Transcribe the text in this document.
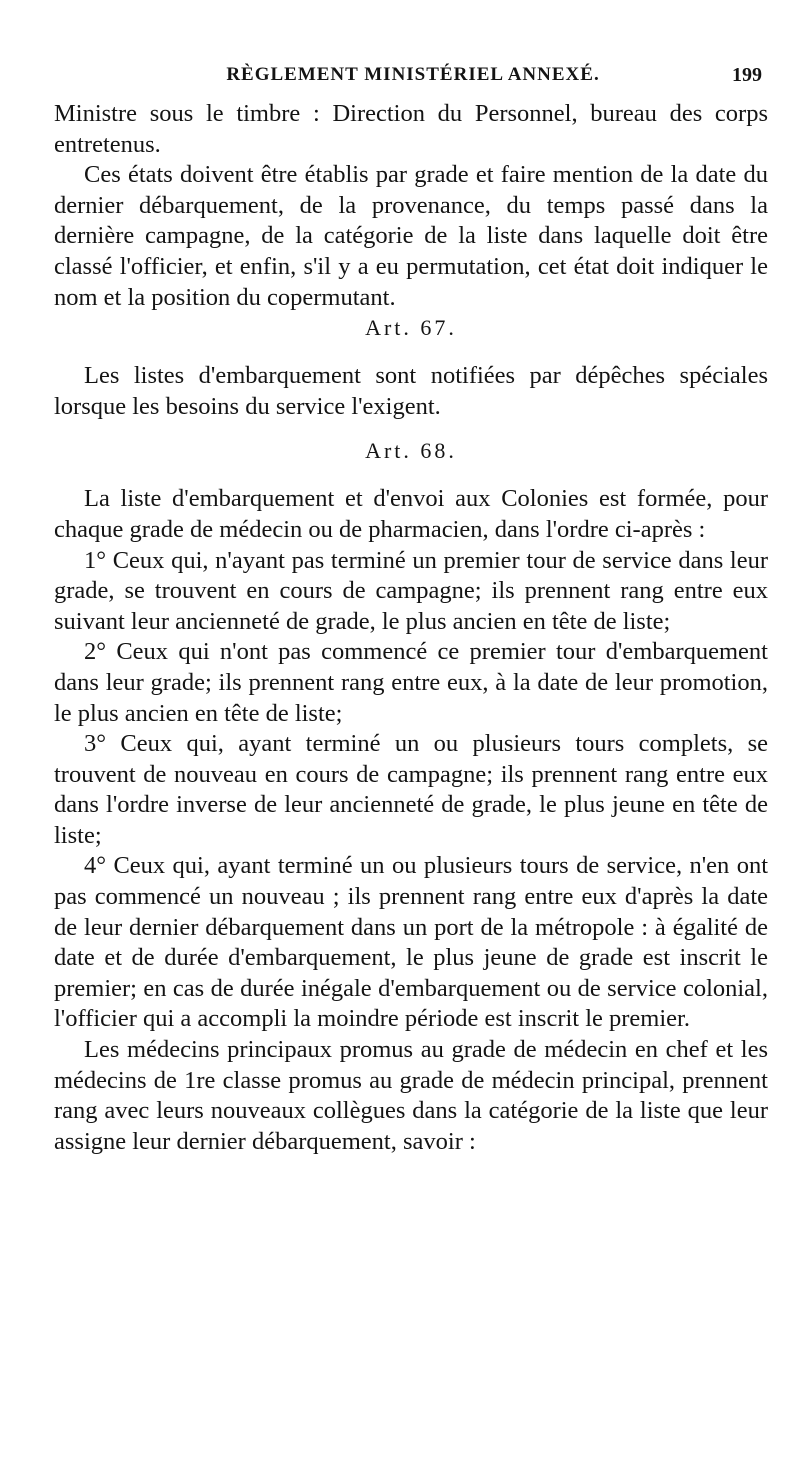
RÈGLEMENT MINISTÉRIEL ANNEXÉ.	199

Ministre sous le timbre : Direction du Personnel, bureau des corps entretenus.

Ces états doivent être établis par grade et faire mention de la date du dernier débarquement, de la provenance, du temps passé dans la dernière campagne, de la catégorie de la liste dans laquelle doit être classé l'officier, et enfin, s'il y a eu permutation, cet état doit indiquer le nom et la position du copermutant.

Art. 67.

Les listes d'embarquement sont notifiées par dépêches spéciales lorsque les besoins du service l'exigent.

Art. 68.

La liste d'embarquement et d'envoi aux Colonies est formée, pour chaque grade de médecin ou de pharmacien, dans l'ordre ci-après :

1° Ceux qui, n'ayant pas terminé un premier tour de service dans leur grade, se trouvent en cours de campagne; ils prennent rang entre eux suivant leur ancienneté de grade, le plus ancien en tête de liste;

2° Ceux qui n'ont pas commencé ce premier tour d'embarquement dans leur grade; ils prennent rang entre eux, à la date de leur promotion, le plus ancien en tête de liste;

3° Ceux qui, ayant terminé un ou plusieurs tours complets, se trouvent de nouveau en cours de campagne; ils prennent rang entre eux dans l'ordre inverse de leur ancienneté de grade, le plus jeune en tête de liste;

4° Ceux qui, ayant terminé un ou plusieurs tours de service, n'en ont pas commencé un nouveau ; ils prennent rang entre eux d'après la date de leur dernier débarquement dans un port de la métropole : à égalité de date et de durée d'embarquement, le plus jeune de grade est inscrit le premier; en cas de durée inégale d'embarquement ou de service colonial, l'officier qui a accompli la moindre période est inscrit le premier.

Les médecins principaux promus au grade de médecin en chef et les médecins de 1re classe promus au grade de médecin principal, prennent rang avec leurs nouveaux collègues dans la catégorie de la liste que leur assigne leur dernier débarquement, savoir :
